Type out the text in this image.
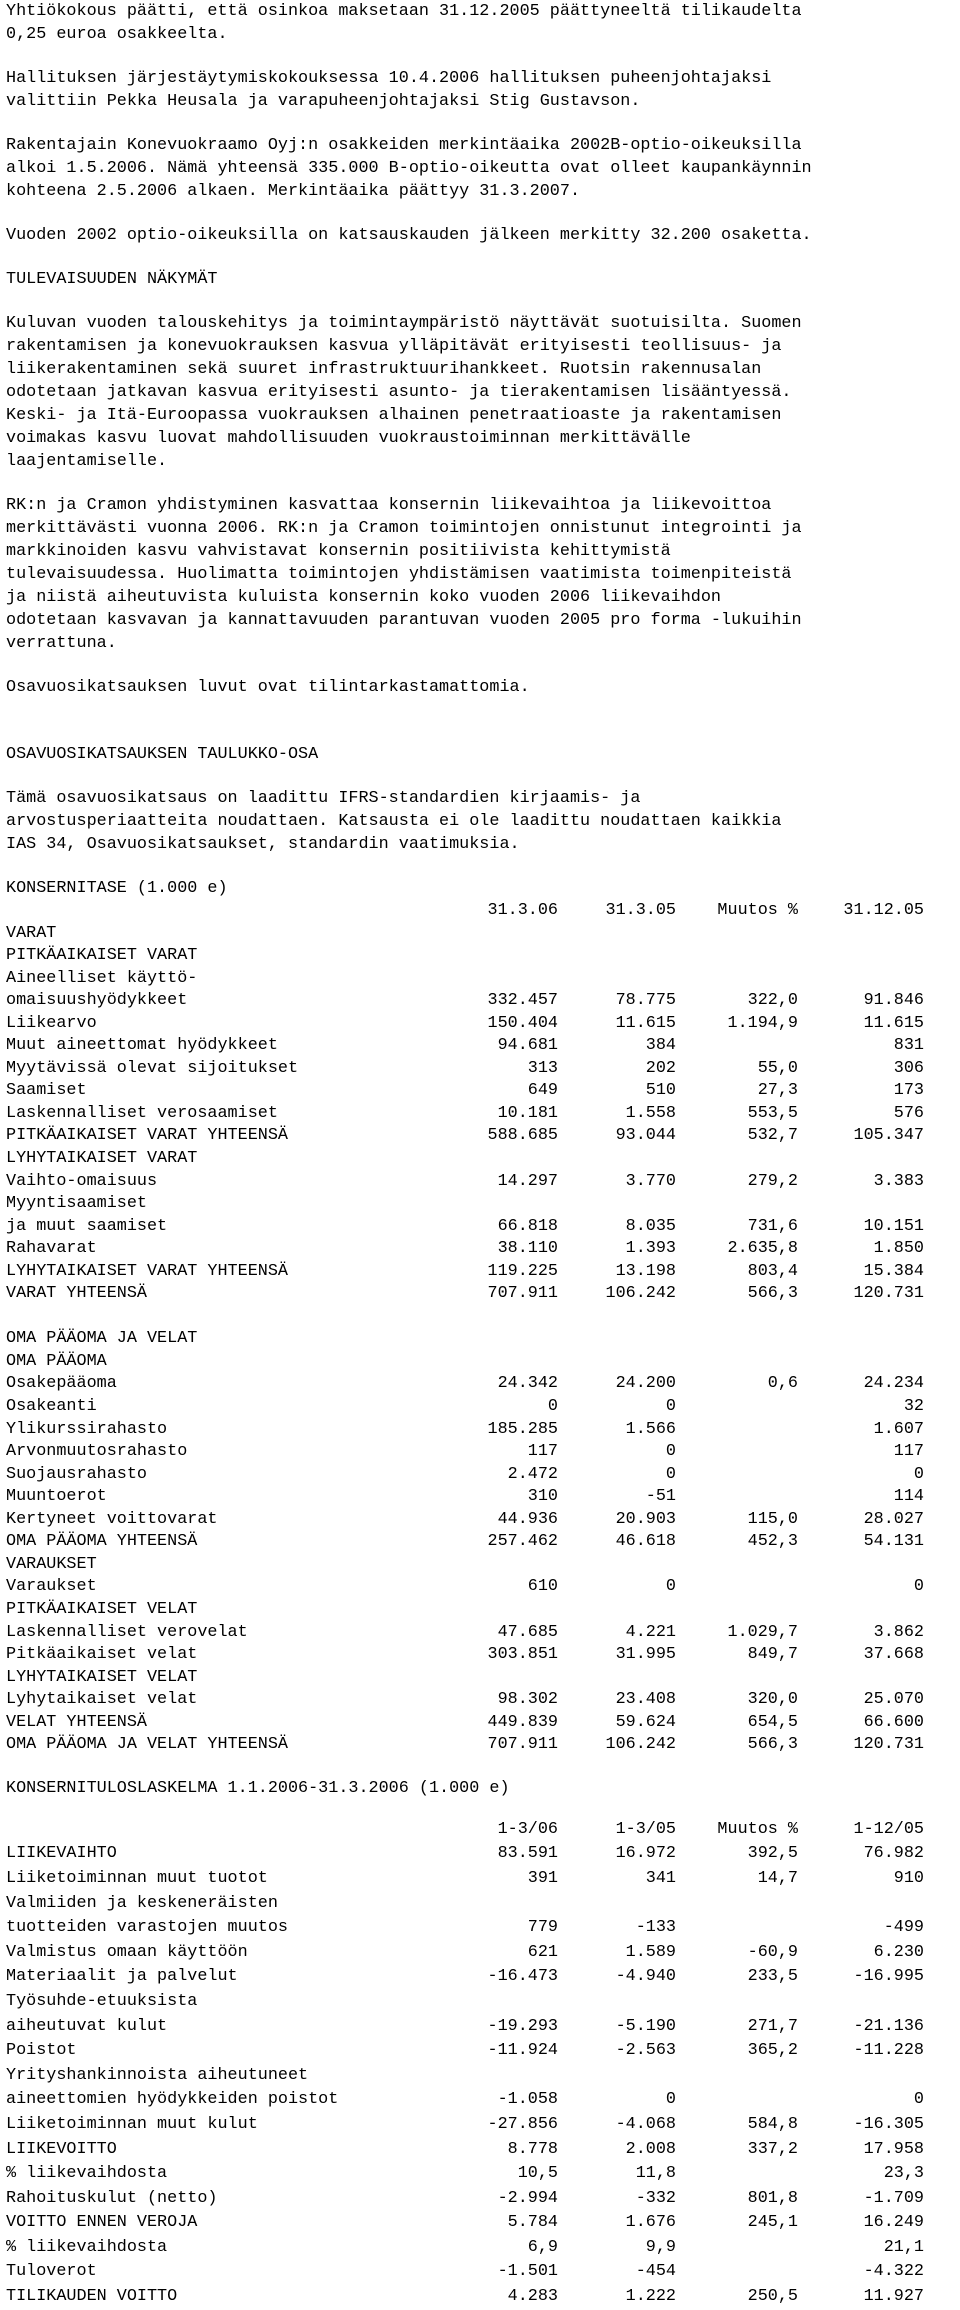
Yhtiökokous päätti, että osinkoa maksetaan 31.12.2005 päättyneeltä tilikaudelta
0,25 euroa osakkeelta.
Hallituksen järjestäytymiskokouksessa 10.4.2006 hallituksen puheenjohtajaksi
valittiin Pekka Heusala ja varapuheenjohtajaksi Stig Gustavson.
Rakentajain Konevuokraamo Oyj:n osakkeiden merkintäaika 2002B-optio-oikeuksilla
alkoi 1.5.2006. Nämä yhteensä 335.000 B-optio-oikeutta ovat olleet kaupankäynnin
kohteena 2.5.2006 alkaen. Merkintäaika päättyy 31.3.2007.
Vuoden 2002 optio-oikeuksilla on katsauskauden jälkeen merkitty 32.200 osaketta.
TULEVAISUUDEN NÄKYMÄT
Kuluvan vuoden talouskehitys ja toimintaympäristö näyttävät suotuisilta. Suomen
rakentamisen ja konevuokrauksen kasvua ylläpitävät erityisesti teollisuus- ja
liikerakentaminen sekä suuret infrastruktuurihankkeet. Ruotsin rakennusalan
odotetaan jatkavan kasvua erityisesti asunto- ja tierakentamisen lisääntyessä.
Keski- ja Itä-Euroopassa vuokrauksen alhainen penetraatioaste ja rakentamisen
voimakas kasvu luovat mahdollisuuden vuokraustoiminnan merkittävälle
laajentamiselle.
RK:n ja Cramon yhdistyminen kasvattaa konsernin liikevaihtoa ja liikevoittoa
merkittävästi vuonna 2006. RK:n ja Cramon toimintojen onnistunut integrointi ja
markkinoiden kasvu vahvistavat konsernin positiivista kehittymistä
tulevaisuudessa. Huolimatta toimintojen yhdistämisen vaatimista toimenpiteistä
ja niistä aiheutuvista kuluista konsernin koko vuoden 2006 liikevaihdon
odotetaan kasvavan ja kannattavuuden parantuvan vuoden 2005 pro forma -lukuihin
verrattuna.
Osavuosikatsauksen luvut ovat tilintarkastamattomia.
OSAVUOSIKATSAUKSEN TAULUKKO-OSA
Tämä osavuosikatsaus on laadittu IFRS-standardien kirjaamis- ja
arvostusperiaatteita noudattaen. Katsausta ei ole laadittu noudattaen kaikkia
IAS 34, Osavuosikatsaukset, standardin vaatimuksia.
KONSERNITASE (1.000 e)
	31.3.06	31.3.05	Muutos %	31.12.05
VARAT				
PITKÄAIKAISET VARAT				
Aineelliset käyttö-				
omaisuushyödykkeet	332.457	78.775	322,0	91.846
Liikearvo	150.404	11.615	1.194,9	11.615
Muut aineettomat hyödykkeet	94.681	384		831
Myytävissä olevat sijoitukset	313	202	55,0	306
Saamiset	649	510	27,3	173
Laskennalliset verosaamiset	10.181	1.558	553,5	576
PITKÄAIKAISET VARAT YHTEENSÄ	588.685	93.044	532,7	105.347
LYHYTAIKAISET VARAT				
Vaihto-omaisuus	14.297	3.770	279,2	3.383
Myyntisaamiset				
ja muut saamiset	66.818	8.035	731,6	10.151
Rahavarat	38.110	1.393	2.635,8	1.850
LYHYTAIKAISET VARAT YHTEENSÄ	119.225	13.198	803,4	15.384
VARAT YHTEENSÄ	707.911	106.242	566,3	120.731

OMA PÄÄOMA JA VELAT				
OMA PÄÄOMA				
Osakepääoma	24.342	24.200	0,6	24.234
Osakeanti	0	0		32
Ylikurssirahasto	185.285	1.566		1.607
Arvonmuutosrahasto	117	0		117
Suojausrahasto	2.472	0		0
Muuntoerot	310	-51		114
Kertyneet voittovarat	44.936	20.903	115,0	28.027
OMA PÄÄOMA YHTEENSÄ	257.462	46.618	452,3	54.131
VARAUKSET				
Varaukset	610	0		0
PITKÄAIKAISET VELAT				
Laskennalliset verovelat	47.685	4.221	1.029,7	3.862
Pitkäaikaiset velat	303.851	31.995	849,7	37.668
LYHYTAIKAISET VELAT				
Lyhytaikaiset velat	98.302	23.408	320,0	25.070
VELAT YHTEENSÄ	449.839	59.624	654,5	66.600
OMA PÄÄOMA JA VELAT YHTEENSÄ	707.911	106.242	566,3	120.731
KONSERNITULOSLASKELMA 1.1.2006-31.3.2006 (1.000 e)
	1-3/06	1-3/05	Muutos %	1-12/05
LIIKEVAIHTO	83.591	16.972	392,5	76.982
Liiketoiminnan muut tuotot	391	341	14,7	910
Valmiiden ja keskeneräisten				
tuotteiden varastojen muutos	779	-133		-499
Valmistus omaan käyttöön	621	1.589	-60,9	6.230
Materiaalit ja palvelut	-16.473	-4.940	233,5	-16.995
Työsuhde-etuuksista				
aiheutuvat kulut	-19.293	-5.190	271,7	-21.136
Poistot	-11.924	-2.563	365,2	-11.228
Yrityshankinnoista aiheutuneet				
aineettomien hyödykkeiden poistot	-1.058	0		0
Liiketoiminnan muut kulut	-27.856	-4.068	584,8	-16.305
LIIKEVOITTO	8.778	2.008	337,2	17.958
% liikevaihdosta	10,5	11,8		23,3
Rahoituskulut (netto)	-2.994	-332	801,8	-1.709
VOITTO ENNEN VEROJA	5.784	1.676	245,1	16.249
% liikevaihdosta	6,9	9,9		21,1
Tuloverot	-1.501	-454		-4.322
TILIKAUDEN VOITTO	4.283	1.222	250,5	11.927
